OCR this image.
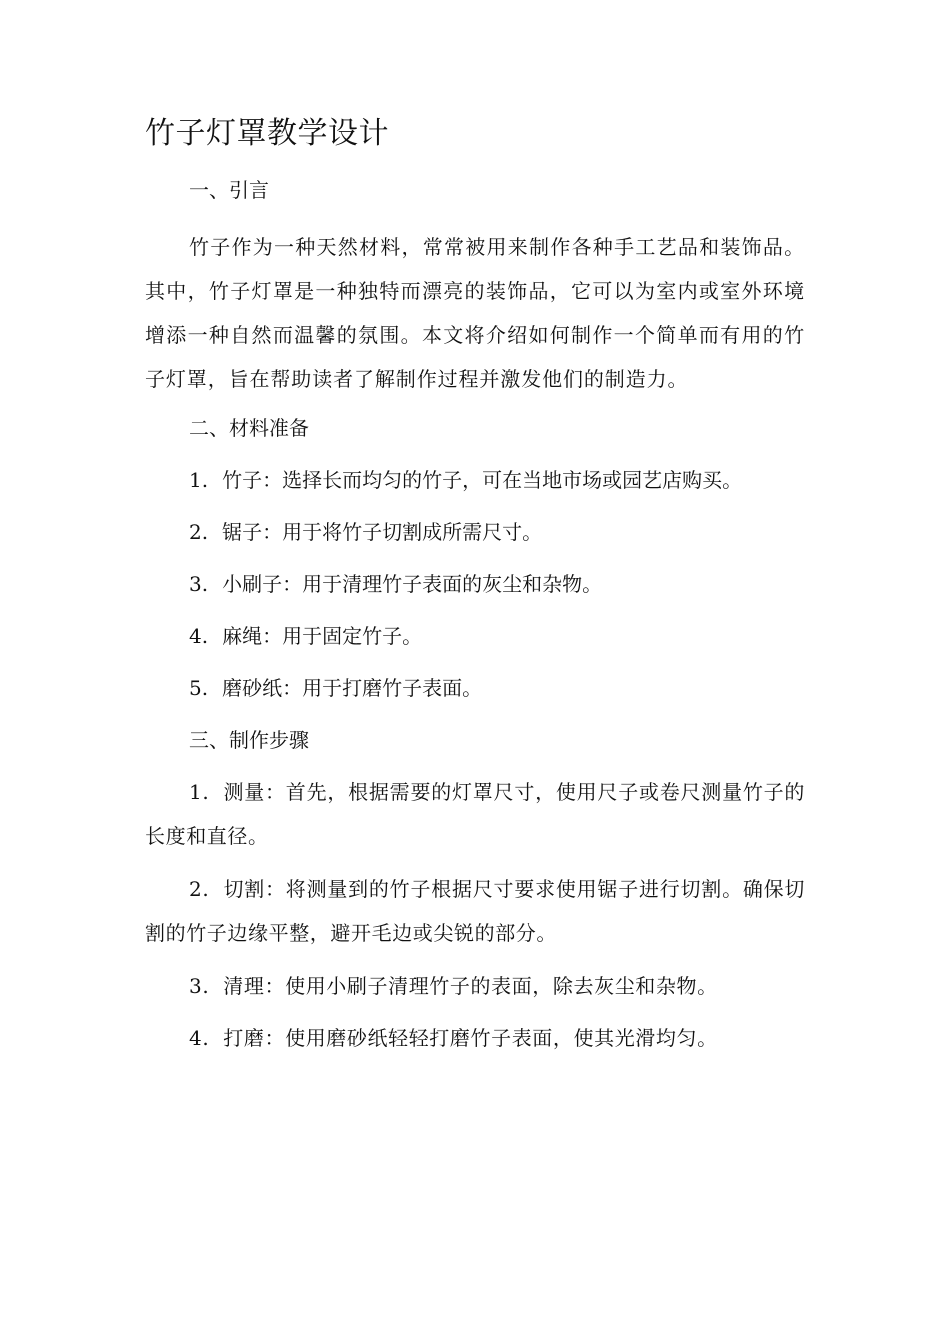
竹子灯罩教学设计

一、引言

竹子作为一种天然材料，常常被用来制作各种手工艺品和装饰品。其中，竹子灯罩是一种独特而漂亮的装饰品，它可以为室内或室外环境增添一种自然而温馨的氛围。本文将介绍如何制作一个简单而有用的竹子灯罩，旨在帮助读者了解制作过程并激发他们的制造力。

二、材料准备

1. 竹子：选择长而均匀的竹子，可在当地市场或园艺店购买。

2. 锯子：用于将竹子切割成所需尺寸。

3. 小刷子：用于清理竹子表面的灰尘和杂物。

4. 麻绳：用于固定竹子。

5. 磨砂纸：用于打磨竹子表面。

三、制作步骤

1. 测量：首先，根据需要的灯罩尺寸，使用尺子或卷尺测量竹子的长度和直径。

2. 切割：将测量到的竹子根据尺寸要求使用锯子进行切割。确保切割的竹子边缘平整，避开毛边或尖锐的部分。

3. 清理：使用小刷子清理竹子的表面，除去灰尘和杂物。

4. 打磨：使用磨砂纸轻轻打磨竹子表面，使其光滑均匀。
